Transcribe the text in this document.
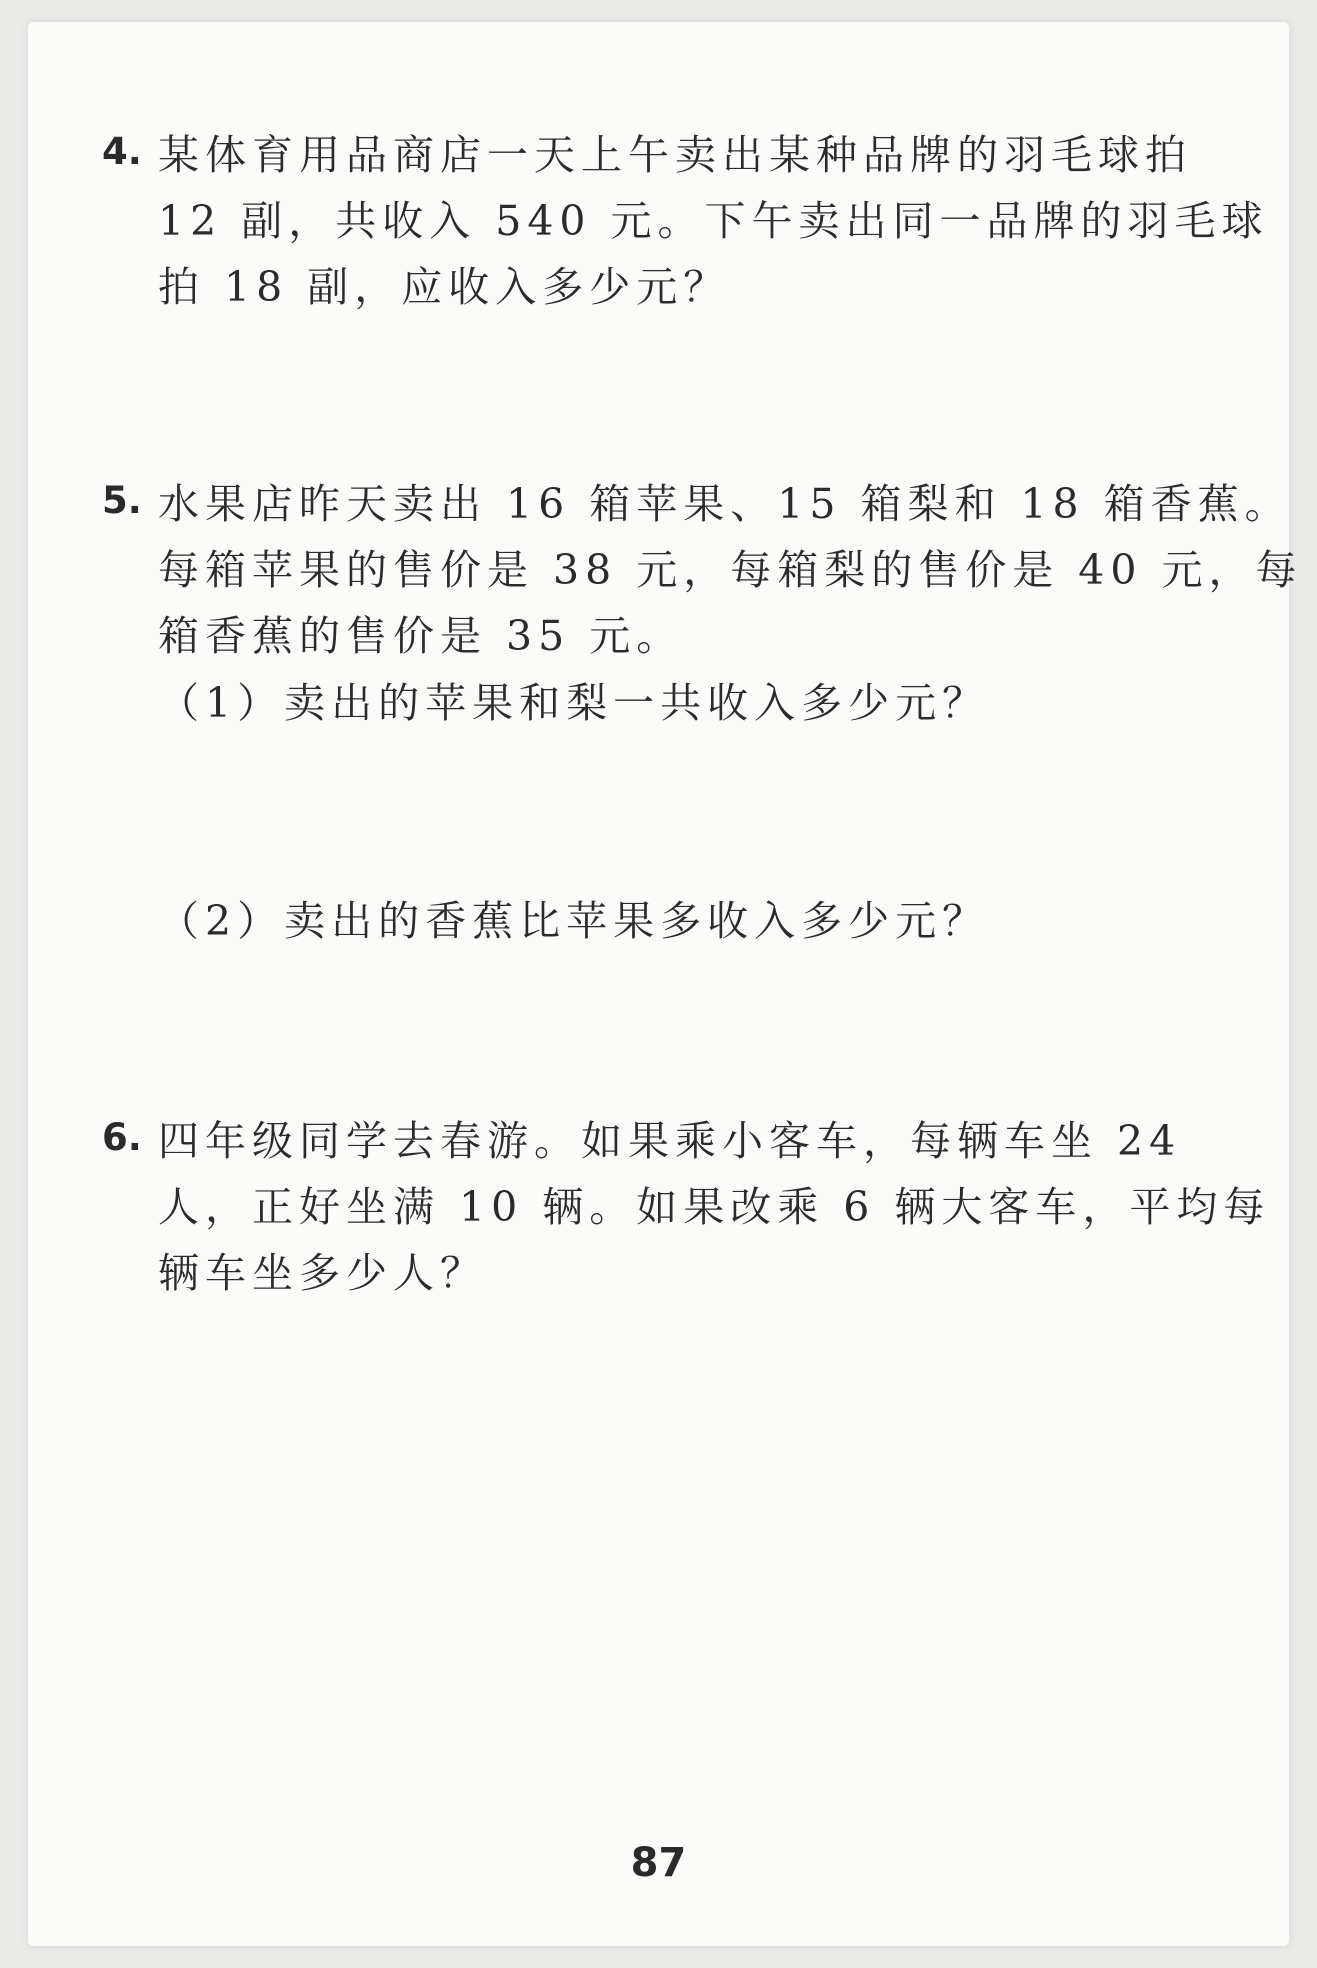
4. 某体育用品商店一天上午卖出某种品牌的羽毛球拍
12 副，共收入 540 元。下午卖出同一品牌的羽毛球
拍 18 副，应收入多少元？
5. 水果店昨天卖出 16 箱苹果、15 箱梨和 18 箱香蕉。
每箱苹果的售价是 38 元，每箱梨的售价是 40 元，每
箱香蕉的售价是 35 元。
（1）卖出的苹果和梨一共收入多少元？
（2）卖出的香蕉比苹果多收入多少元？
6. 四年级同学去春游。如果乘小客车，每辆车坐 24
人，正好坐满 10 辆。如果改乘 6 辆大客车，平均每
辆车坐多少人？
87
